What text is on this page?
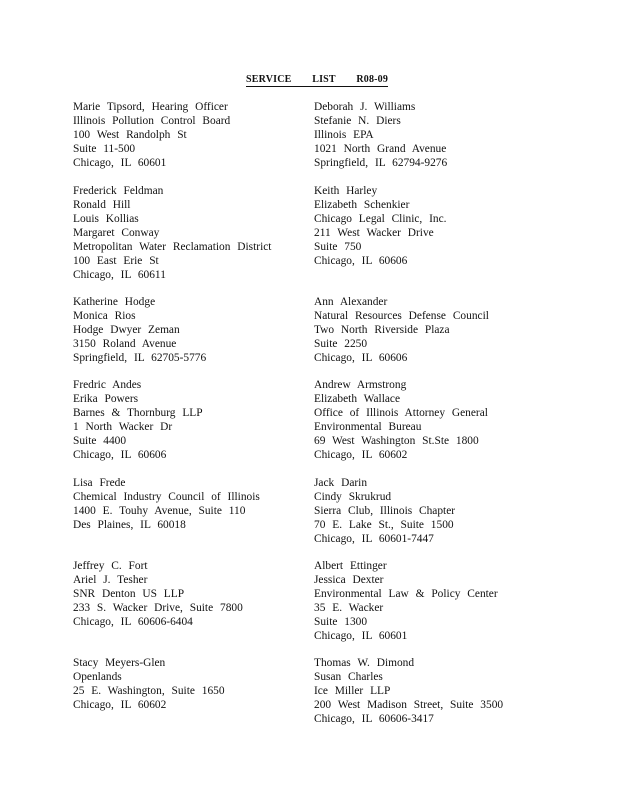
SERVICE LIST R08-09
Marie Tipsord, Hearing Officer
Illinois Pollution Control Board
100 West Randolph St
Suite 11-500
Chicago, IL 60601
Deborah J. Williams
Stefanie N. Diers
Illinois EPA
1021 North Grand Avenue
Springfield, IL 62794-9276
Frederick Feldman
Ronald Hill
Louis Kollias
Margaret Conway
Metropolitan Water Reclamation District
100 East Erie St
Chicago, IL 60611
Keith Harley
Elizabeth Schenkier
Chicago Legal Clinic, Inc.
211 West Wacker Drive
Suite 750
Chicago, IL 60606
Katherine Hodge
Monica Rios
Hodge Dwyer Zeman
3150 Roland Avenue
Springfield, IL 62705-5776
Ann Alexander
Natural Resources Defense Council
Two North Riverside Plaza
Suite 2250
Chicago, IL 60606
Fredric Andes
Erika Powers
Barnes & Thornburg LLP
1 North Wacker Dr
Suite 4400
Chicago, IL 60606
Andrew Armstrong
Elizabeth Wallace
Office of Illinois Attorney General
Environmental Bureau
69 West Washington St.Ste 1800
Chicago, IL 60602
Lisa Frede
Chemical Industry Council of Illinois
1400 E. Touhy Avenue, Suite 110
Des Plaines, IL 60018
Jack Darin
Cindy Skrukrud
Sierra Club, Illinois Chapter
70 E. Lake St., Suite 1500
Chicago, IL 60601-7447
Jeffrey C. Fort
Ariel J. Tesher
SNR Denton US LLP
233 S. Wacker Drive, Suite 7800
Chicago, IL 60606-6404
Albert Ettinger
Jessica Dexter
Environmental Law & Policy Center
35 E. Wacker
Suite 1300
Chicago, IL 60601
Stacy Meyers-Glen
Openlands
25 E. Washington, Suite 1650
Chicago, IL 60602
Thomas W. Dimond
Susan Charles
Ice Miller LLP
200 West Madison Street, Suite 3500
Chicago, IL 60606-3417
